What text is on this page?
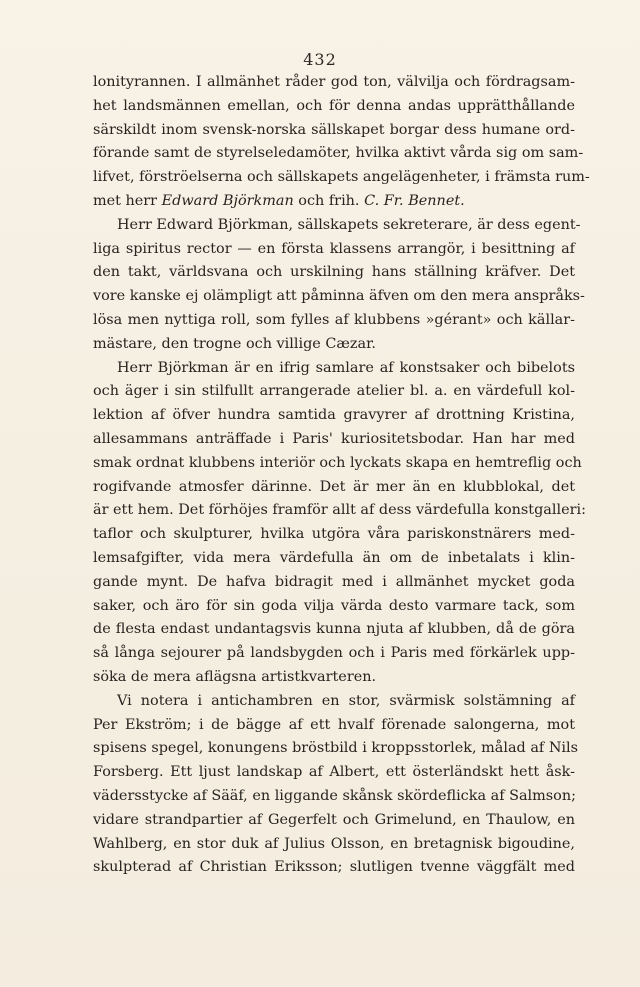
432
lonityrannen. I allmänhet råder god ton, välvilja och fördragsam-
het landsmännen emellan, och för denna andas upprätthållande
särskildt inom svensk-norska sällskapet borgar dess humane ord-
förande samt de styrelseledamöter, hvilka aktivt vårda sig om sam-
lifvet, förströelserna och sällskapets angelägenheter, i främsta rum-
met herr Edward Björkman och frih. C. Fr. Bennet.
Herr Edward Björkman, sällskapets sekreterare, är dess egent-
liga spiritus rector — en första klassens arrangör, i besittning af
den takt, världsvana och urskilning hans ställning kräfver. Det
vore kanske ej olämpligt att påminna äfven om den mera anspråks-
lösa men nyttiga roll, som fylles af klubbens »gérant» och källar-
mästare, den trogne och villige Cæzar.
Herr Björkman är en ifrig samlare af konstsaker och bibelots
och äger i sin stilfullt arrangerade atelier bl. a. en värdefull kol-
lektion af öfver hundra samtida gravyrer af drottning Kristina,
allesammans anträffade i Paris' kuriositetsbodar. Han har med
smak ordnat klubbens interiör och lyckats skapa en hemtreflig och
rogifvande atmosfer därinne. Det är mer än en klubblokal, det
är ett hem. Det förhöjes framför allt af dess värdefulla konstgalleri:
taflor och skulpturer, hvilka utgöra våra pariskonstnärers med-
lemsafgifter, vida mera värdefulla än om de inbetalats i klin-
gande mynt. De hafva bidragit med i allmänhet mycket goda
saker, och äro för sin goda vilja värda desto varmare tack, som
de flesta endast undantagsvis kunna njuta af klubben, då de göra
så långa sejourer på landsbygden och i Paris med förkärlek upp-
söka de mera aflägsna artistkvarteren.
Vi notera i antichambren en stor, svärmisk solstämning af
Per Ekström; i de bägge af ett hvalf förenade salongerna, mot
spisens spegel, konungens bröstbild i kroppsstorlek, målad af Nils
Forsberg. Ett ljust landskap af Albert, ett österländskt hett åsk-
vädersstycke af Sääf, en liggande skånsk skördeflicka af Salmson;
vidare strandpartier af Gegerfelt och Grimelund, en Thaulow, en
Wahlberg, en stor duk af Julius Olsson, en bretagnisk bigoudine,
skulpterad af Christian Eriksson; slutligen tvenne väggfält med
